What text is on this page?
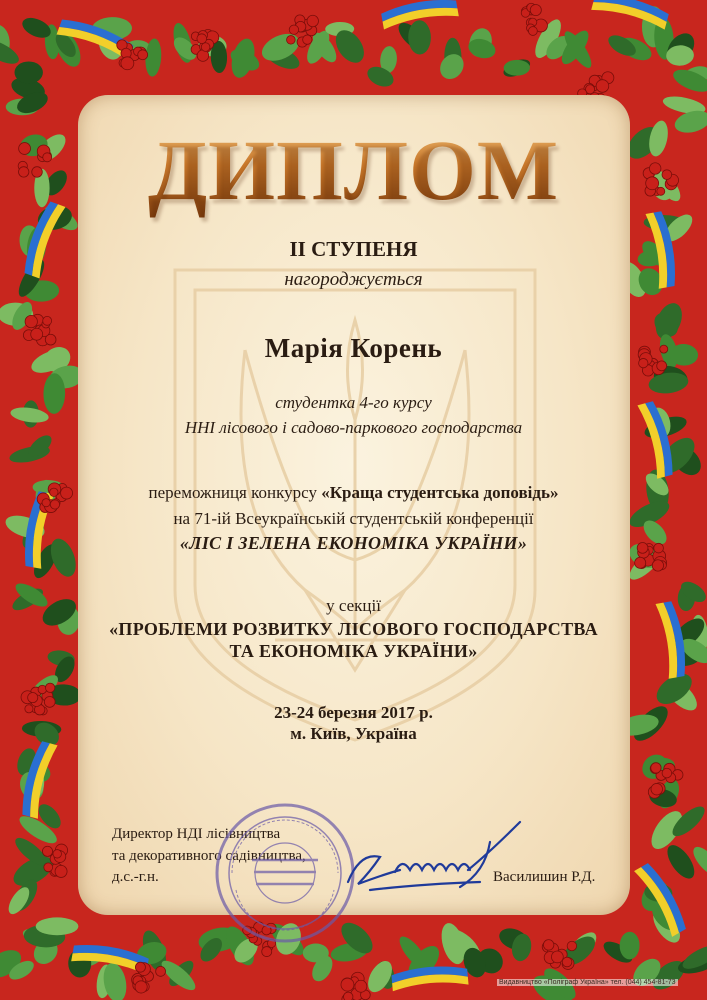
ДИПЛОМ
ІІ СТУПЕНЯ
нагороджується
Марія Корень
студентка 4-го курсу
ННІ лісового і садово-паркового господарства
переможниця конкурсу «Краща студентська доповідь»
на 71-ій Всеукраїнській студентській конференції
«ЛІС І ЗЕЛЕНА ЕКОНОМІКА УКРАЇНИ»
у секції
«ПРОБЛЕМИ РОЗВИТКУ ЛІСОВОГО ГОСПОДАРСТВА
ТА ЕКОНОМІКА УКРАЇНИ»
23-24 березня 2017 р.
м. Київ, Україна
Директор НДІ лісівництва
та декоративного садівництва,
д.с.-г.н.	Василишин Р.Д.
Видавництво «Поліграф Україна» тел. (044) 454-81-73
